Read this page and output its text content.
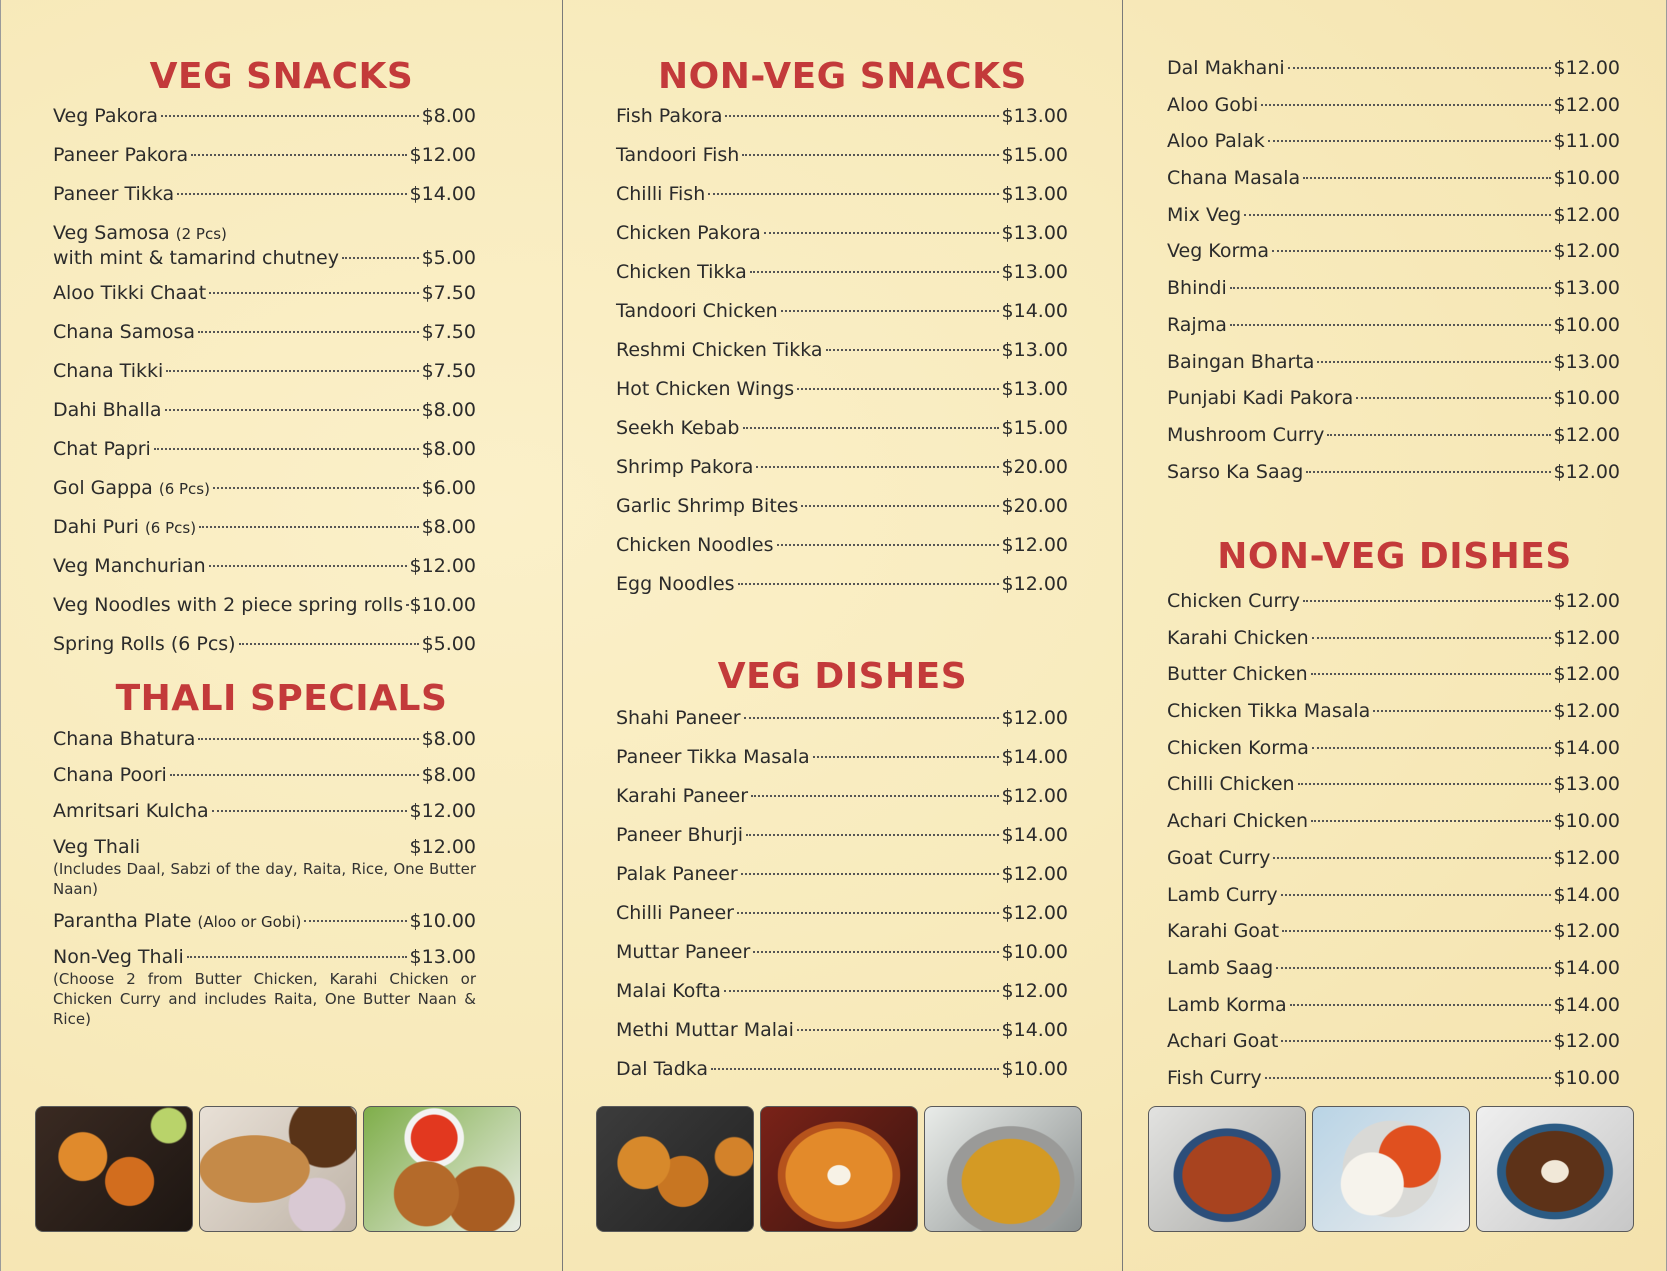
VEG SNACKS
Veg Pakora	$8.00
Paneer Pakora	$12.00
Paneer Tikka	$14.00
Veg Samosa (2 Pcs)
with mint & tamarind chutney	$5.00
Aloo Tikki Chaat	$7.50
Chana Samosa	$7.50
Chana Tikki	$7.50
Dahi Bhalla	$8.00
Chat Papri	$8.00
Gol Gappa (6 Pcs)	$6.00
Dahi Puri (6 Pcs)	$8.00
Veg Manchurian	$12.00
Veg Noodles with 2 piece spring rolls $10.00
Spring Rolls (6 Pcs)	$5.00
THALI SPECIALS
Chana Bhatura	$8.00
Chana Poori	$8.00
Amritsari Kulcha	$12.00
Veg Thali	$12.00
(Includes Daal, Sabzi of the day, Raita, Rice, One Butter Naan)
Parantha Plate (Aloo or Gobi)	$10.00
Non-Veg Thali	$13.00
(Choose 2 from Butter Chicken, Karahi Chicken or Chicken Curry and includes Raita, One Butter Naan & Rice)
NON-VEG SNACKS
Fish Pakora	$13.00
Tandoori Fish	$15.00
Chilli Fish	$13.00
Chicken Pakora	$13.00
Chicken Tikka	$13.00
Tandoori Chicken	$14.00
Reshmi Chicken Tikka	$13.00
Hot Chicken Wings	$13.00
Seekh Kebab	$15.00
Shrimp Pakora	$20.00
Garlic Shrimp Bites	$20.00
Chicken Noodles	$12.00
Egg Noodles	$12.00
VEG DISHES
Shahi Paneer	$12.00
Paneer Tikka Masala	$14.00
Karahi Paneer	$12.00
Paneer Bhurji	$14.00
Palak Paneer	$12.00
Chilli Paneer	$12.00
Muttar Paneer	$10.00
Malai Kofta	$12.00
Methi Muttar Malai	$14.00
Dal Tadka	$10.00
Dal Makhani	$12.00
Aloo Gobi	$12.00
Aloo Palak	$11.00
Chana Masala	$10.00
Mix Veg	$12.00
Veg Korma	$12.00
Bhindi	$13.00
Rajma	$10.00
Baingan Bharta	$13.00
Punjabi Kadi Pakora	$10.00
Mushroom Curry	$12.00
Sarso Ka Saag	$12.00
NON-VEG DISHES
Chicken Curry	$12.00
Karahi Chicken	$12.00
Butter Chicken	$12.00
Chicken Tikka Masala	$12.00
Chicken Korma	$14.00
Chilli Chicken	$13.00
Achari Chicken	$10.00
Goat Curry	$12.00
Lamb Curry	$14.00
Karahi Goat	$12.00
Lamb Saag	$14.00
Lamb Korma	$14.00
Achari Goat	$12.00
Fish Curry	$10.00
